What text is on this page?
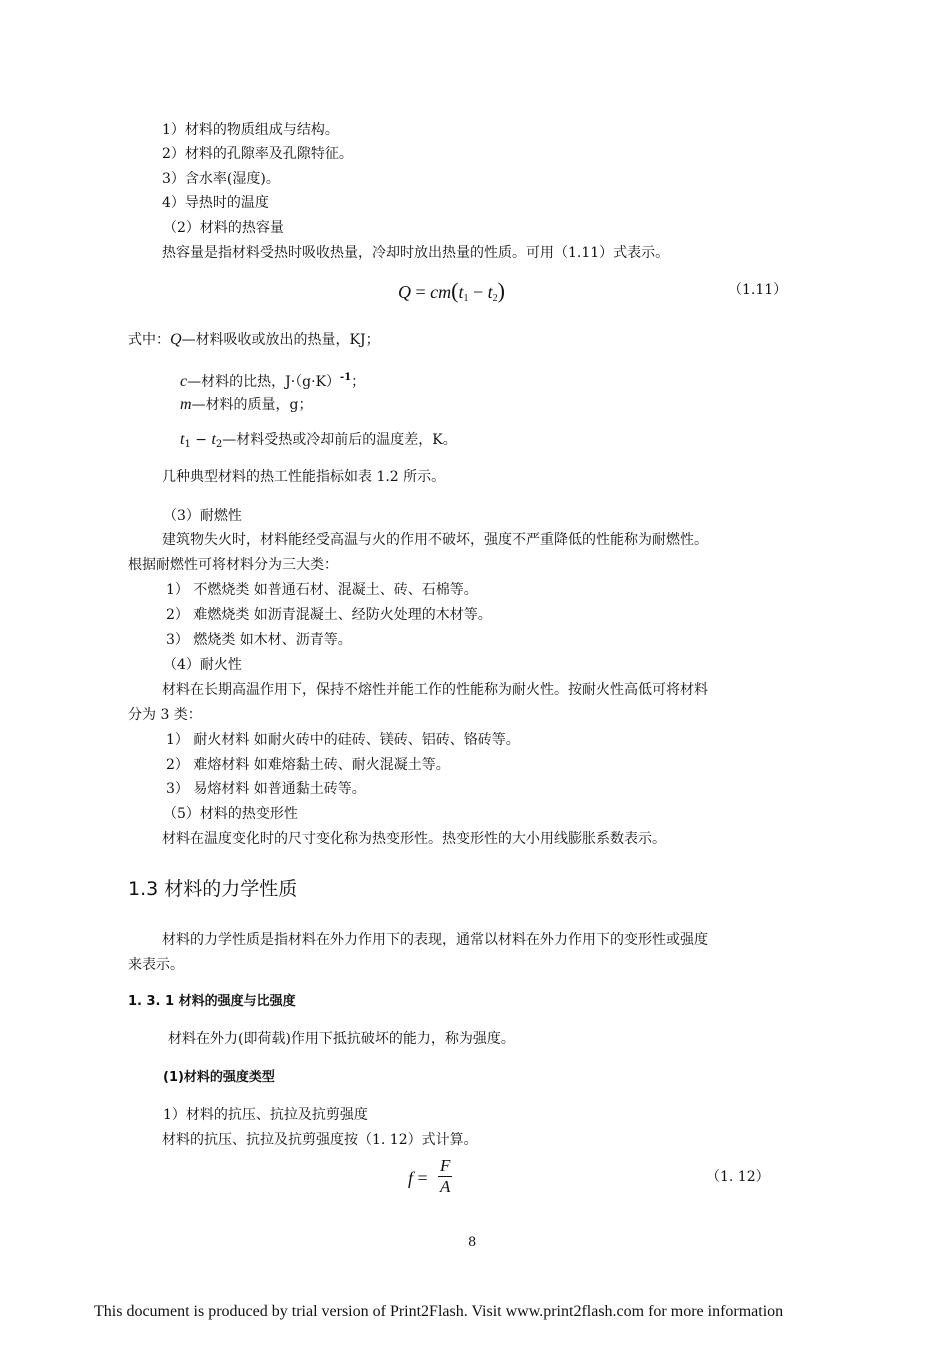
1）材料的物质组成与结构。
2）材料的孔隙率及孔隙特征。
3）含水率(湿度)。
4）导热时的温度
（2）材料的热容量
热容量是指材料受热时吸收热量，冷却时放出热量的性质。可用（1.11）式表示。
$Q = cm(t_1 - t_2)$	（1.11）
式中：Q—材料吸收或放出的热量，KJ；
c—材料的比热，$J\cdot(g\cdot K)^{-1}$；
m—材料的质量，g；
$t_1$ − $t_2—$材料受热或冷却前后的温度差，K。
几种典型材料的热工性能指标如表 1.2 所示。
（3）耐燃性
建筑物失火时，材料能经受高温与火的作用不破坏，强度不严重降低的性能称为耐燃性。
根据耐燃性可将材料分为三大类：
1） 不燃烧类 如普通石材、混凝土、砖、石棉等。
2） 难燃烧类 如沥青混凝土、经防火处理的木材等。
3） 燃烧类 如木材、沥青等。
（4）耐火性
材料在长期高温作用下，保持不熔性并能工作的性能称为耐火性。按耐火性高低可将材料
分为 3 类：
1） 耐火材料 如耐火砖中的硅砖、镁砖、铝砖、铬砖等。
2） 难熔材料 如难熔黏土砖、耐火混凝土等。
3） 易熔材料 如普通黏土砖等。
（5）材料的热变形性
材料在温度变化时的尺寸变化称为热变形性。热变形性的大小用线膨胀系数表示。
1.3 材料的力学性质
材料的力学性质是指材料在外力作用下的表现，通常以材料在外力作用下的变形性或强度
来表示。
1. 3. 1 材料的强度与比强度
材料在外力(即荷载)作用下抵抗破坏的能力，称为强度。
(1)材料的强度类型
1）材料的抗压、抗拉及抗剪强度
材料的抗压、抗拉及抗剪强度按（1. 12）式计算。
$f = \frac{F}{A}$	（1. 12）
8
This document is produced by trial version of Print2Flash. Visit www.print2flash.com for more information
